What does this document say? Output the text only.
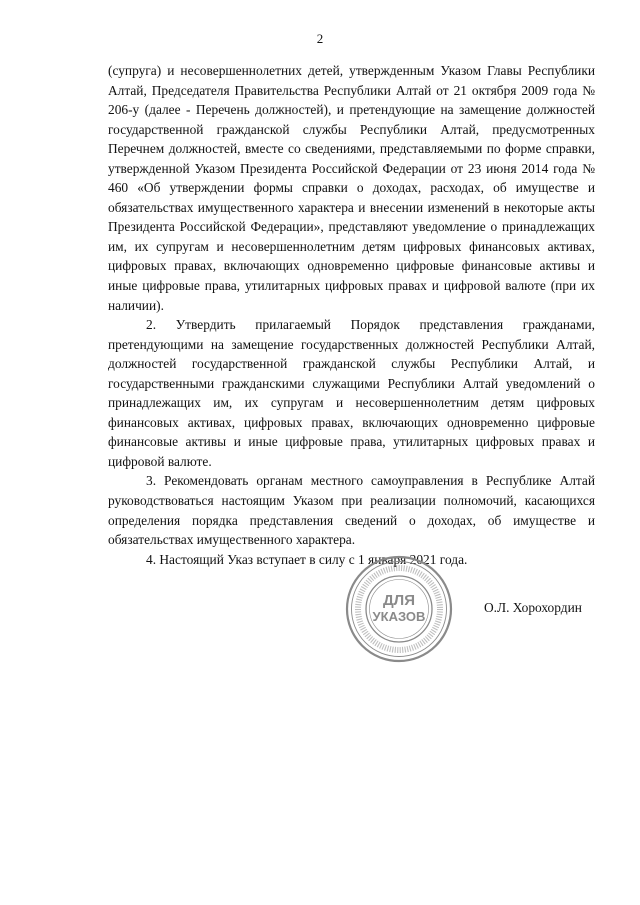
2

(супруга) и несовершеннолетних детей, утвержденным Указом Главы Республики Алтай, Председателя Правительства Республики Алтай от 21 октября 2009 года № 206-у (далее - Перечень должностей), и претендующие на замещение должностей государственной гражданской службы Республики Алтай, предусмотренных Перечнем должностей, вместе со сведениями, представляемыми по форме справки, утвержденной Указом Президента Российской Федерации от 23 июня 2014 года № 460 «Об утверждении формы справки о доходах, расходах, об имуществе и обязательствах имущественного характера и внесении изменений в некоторые акты Президента Российской Федерации», представляют уведомление о принадлежащих им, их супругам и несовершеннолетним детям цифровых финансовых активах, цифровых правах, включающих одновременно цифровые финансовые активы и иные цифровые права, утилитарных цифровых правах и цифровой валюте (при их наличии).

2. Утвердить прилагаемый Порядок представления гражданами, претендующими на замещение государственных должностей Республики Алтай, должностей государственной гражданской службы Республики Алтай, и государственными гражданскими служащими Республики Алтай уведомлений о принадлежащих им, их супругам и несовершеннолетним детям цифровых финансовых активах, цифровых правах, включающих одновременно цифровые финансовые активы и иные цифровые права, утилитарных цифровых правах и цифровой валюте.

3. Рекомендовать органам местного самоуправления в Республике Алтай руководствоваться настоящим Указом при реализации полномочий, касающихся определения порядка представления сведений о доходах, об имуществе и обязательствах имущественного характера.

4. Настоящий Указ вступает в силу с 1 января 2021 года.

ДЛЯ
УКАЗОВ
О.Л. Хорохордин
